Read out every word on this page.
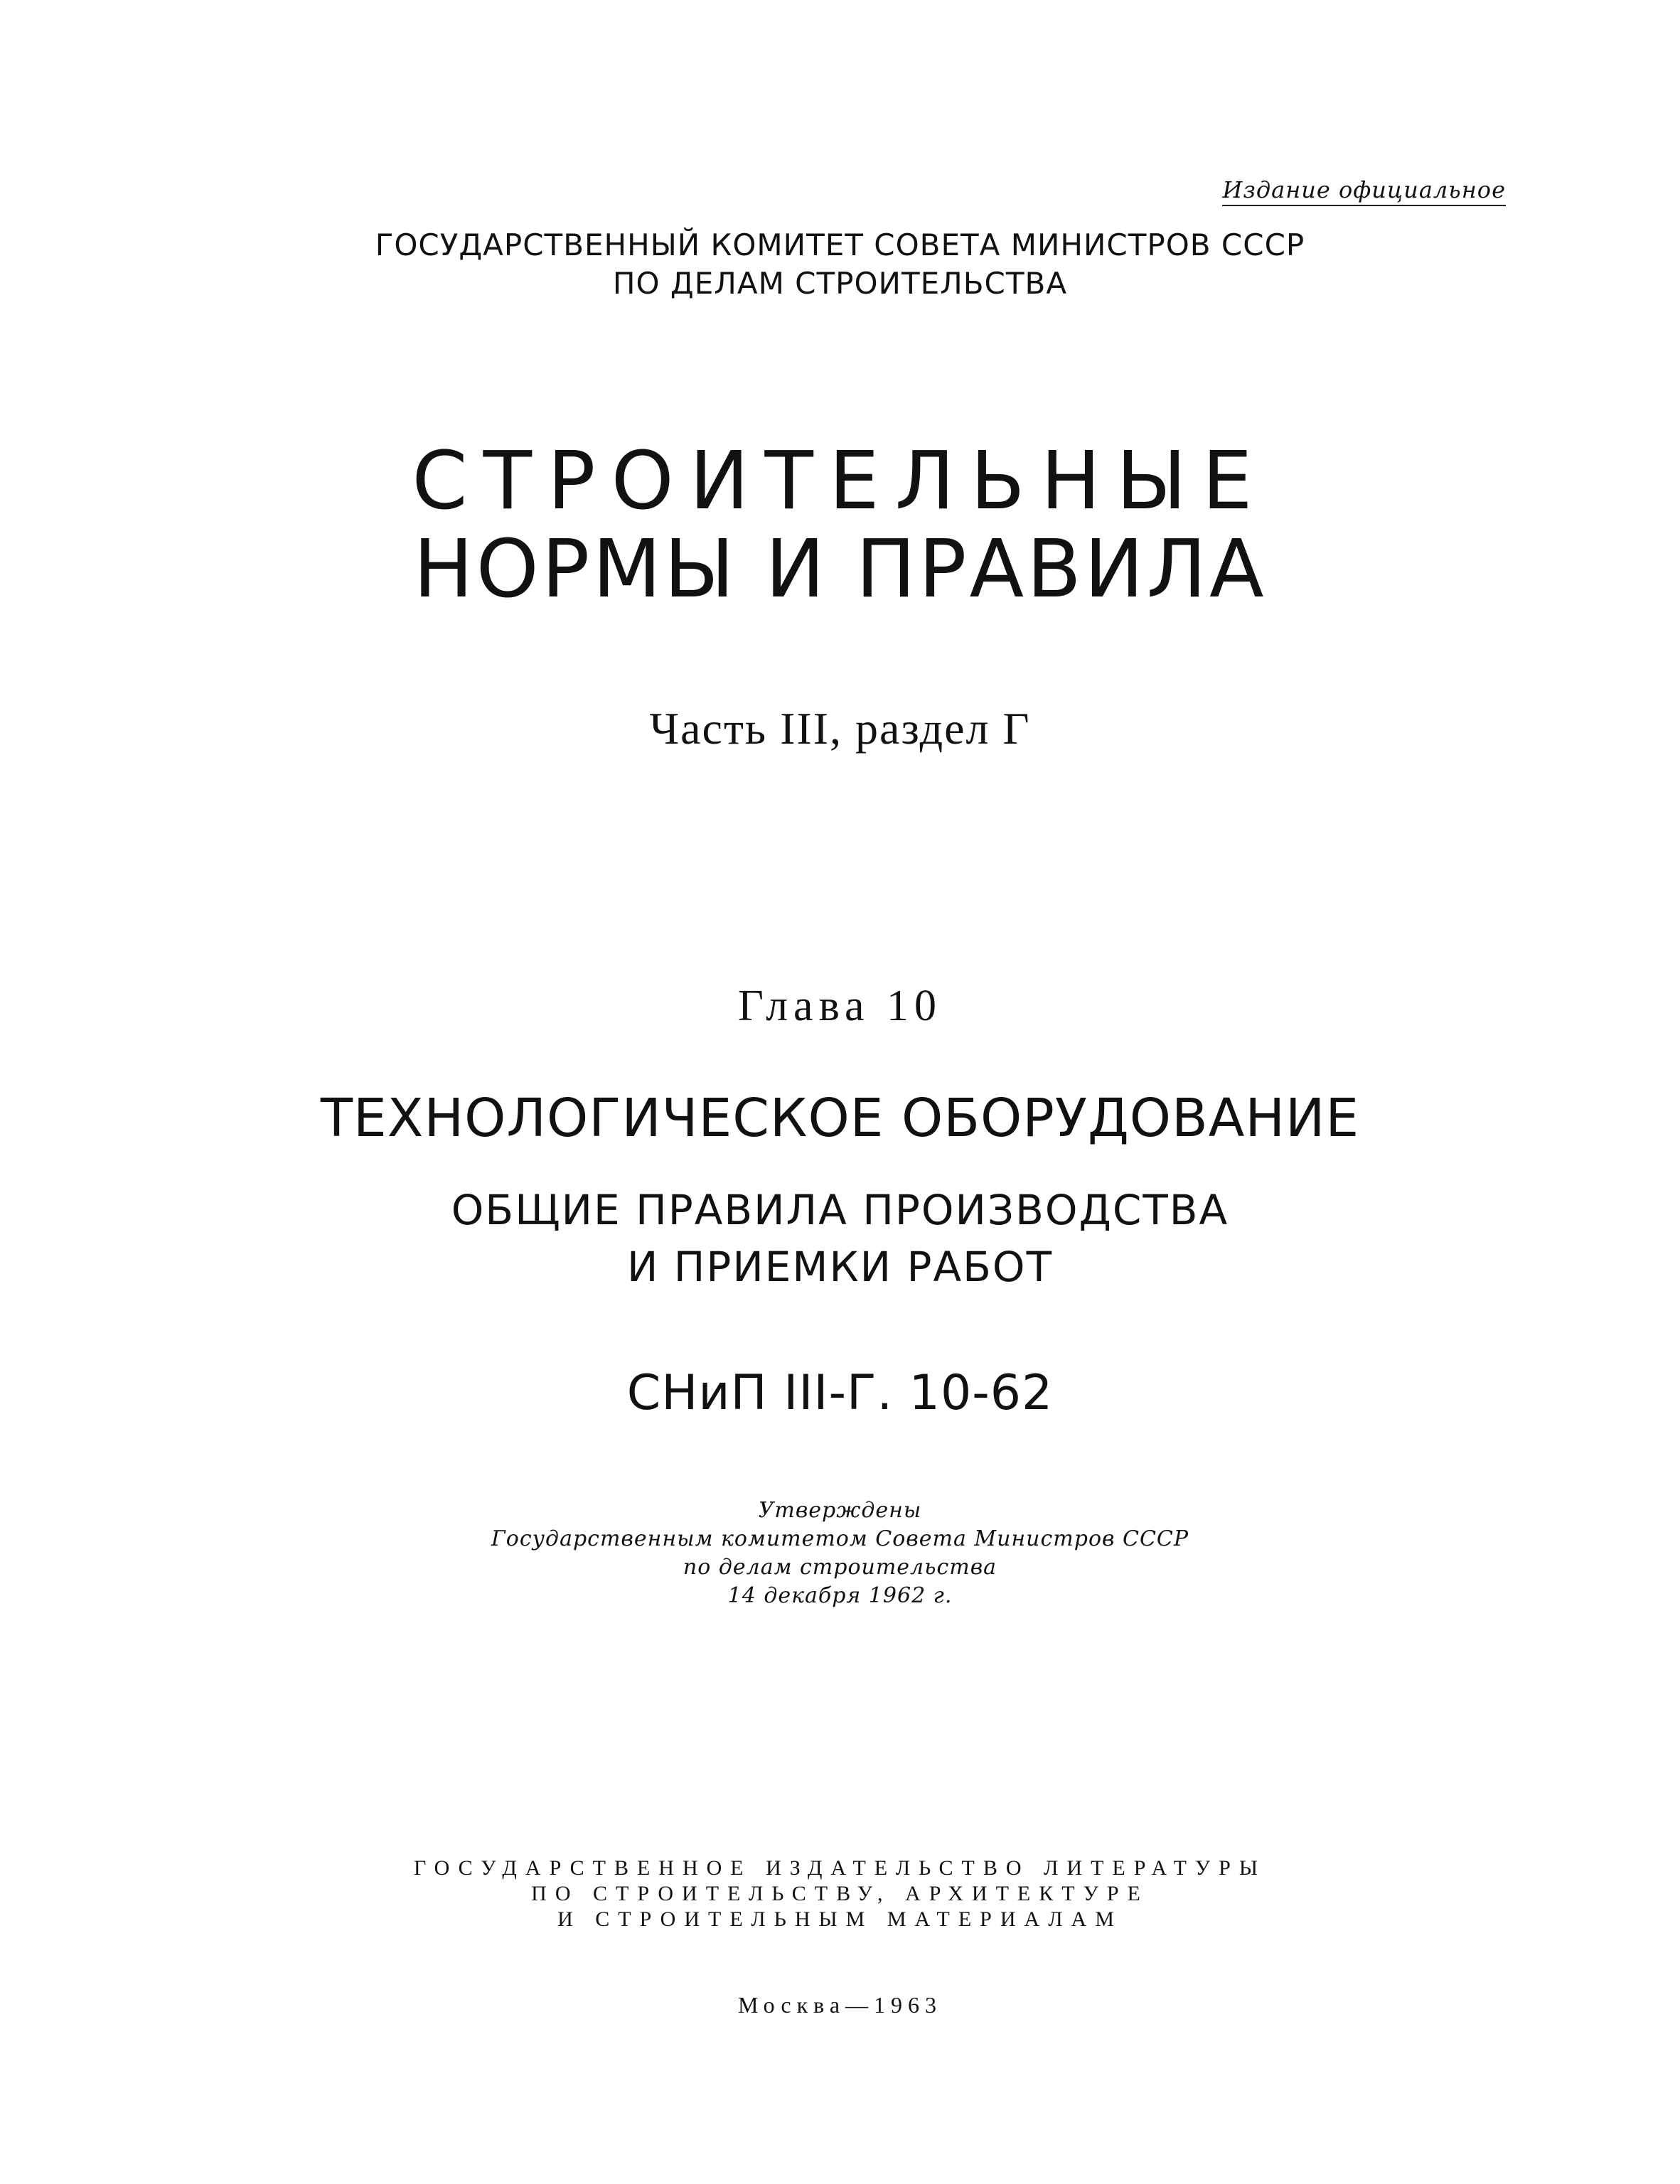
Издание официальное
ГОСУДАРСТВЕННЫЙ КОМИТЕТ СОВЕТА МИНИСТРОВ СССР
ПО ДЕЛАМ СТРОИТЕЛЬСТВА
СТРОИТЕЛЬНЫЕ
НОРМЫ И ПРАВИЛА
Часть III, раздел Г
Глава 10
ТЕХНОЛОГИЧЕСКОЕ ОБОРУДОВАНИЕ
ОБЩИЕ ПРАВИЛА ПРОИЗВОДСТВА
И ПРИЕМКИ РАБОТ
СНиП III-Г. 10-62
Утверждены
Государственным комитетом Совета Министров СССР
по делам строительства
14 декабря 1962 г.
ГОСУДАРСТВЕННОЕ ИЗДАТЕЛЬСТВО ЛИТЕРАТУРЫ
ПО СТРОИТЕЛЬСТВУ, АРХИТЕКТУРЕ
И СТРОИТЕЛЬНЫМ МАТЕРИАЛАМ
Москва—1963
